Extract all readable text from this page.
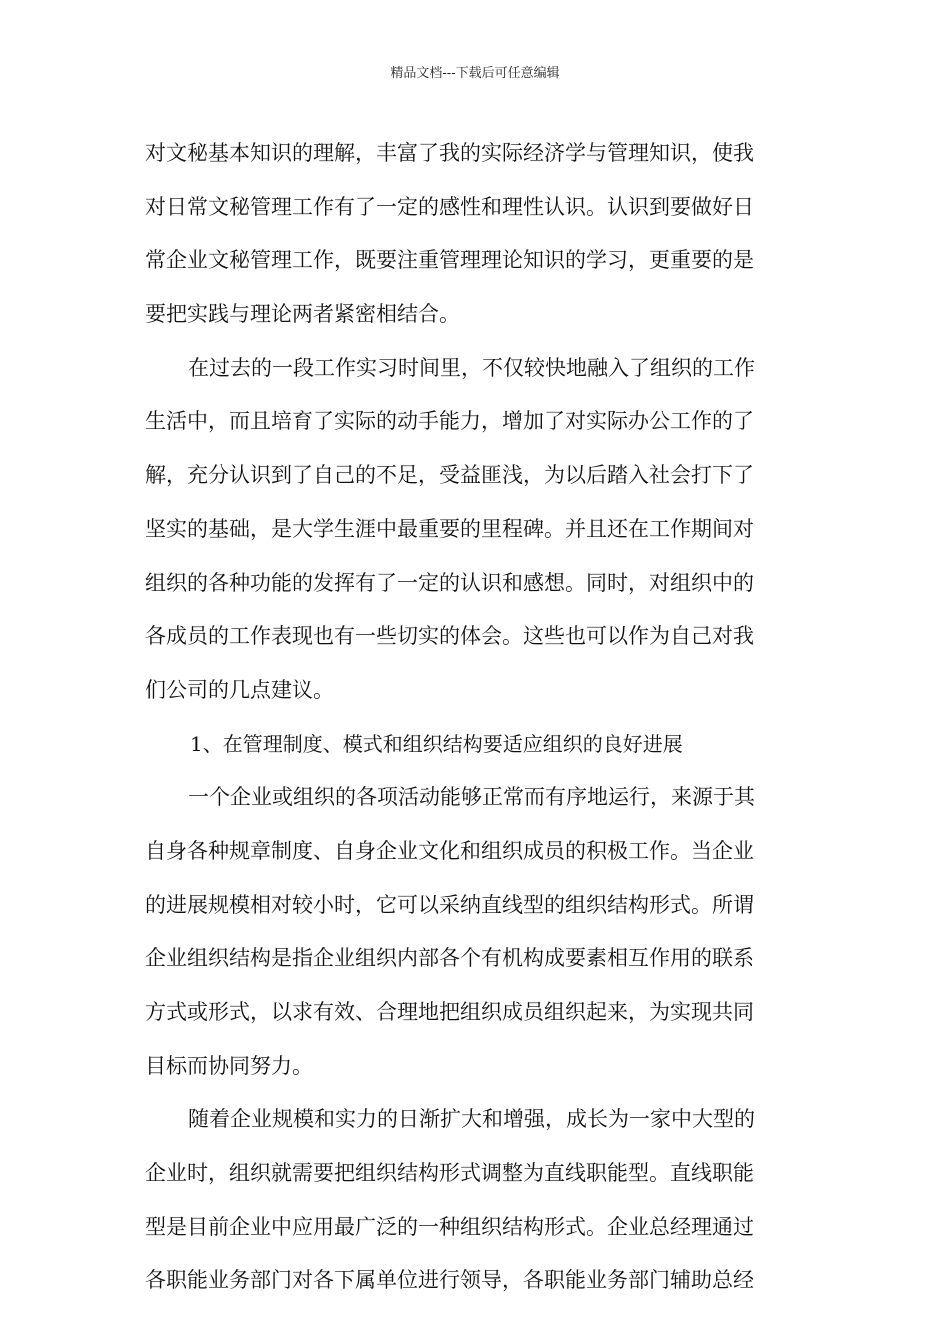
精品文档---下载后可任意编辑
对文秘基本知识的理解，丰富了我的实际经济学与管理知识，使我
对日常文秘管理工作有了一定的感性和理性认识。认识到要做好日
常企业文秘管理工作，既要注重管理理论知识的学习，更重要的是
要把实践与理论两者紧密相结合。
在过去的一段工作实习时间里，不仅较快地融入了组织的工作
生活中，而且培育了实际的动手能力，增加了对实际办公工作的了
解，充分认识到了自己的不足，受益匪浅，为以后踏入社会打下了
坚实的基础，是大学生涯中最重要的里程碑。并且还在工作期间对
组织的各种功能的发挥有了一定的认识和感想。同时，对组织中的
各成员的工作表现也有一些切实的体会。这些也可以作为自己对我
们公司的几点建议。
1、在管理制度、模式和组织结构要适应组织的良好进展
一个企业或组织的各项活动能够正常而有序地运行，来源于其
自身各种规章制度、自身企业文化和组织成员的积极工作。当企业
的进展规模相对较小时，它可以采纳直线型的组织结构形式。所谓
企业组织结构是指企业组织内部各个有机构成要素相互作用的联系
方式或形式，以求有效、合理地把组织成员组织起来，为实现共同
目标而协同努力。
随着企业规模和实力的日渐扩大和增强，成长为一家中大型的
企业时，组织就需要把组织结构形式调整为直线职能型。直线职能
型是目前企业中应用最广泛的一种组织结构形式。企业总经理通过
各职能业务部门对各下属单位进行领导，各职能业务部门辅助总经
